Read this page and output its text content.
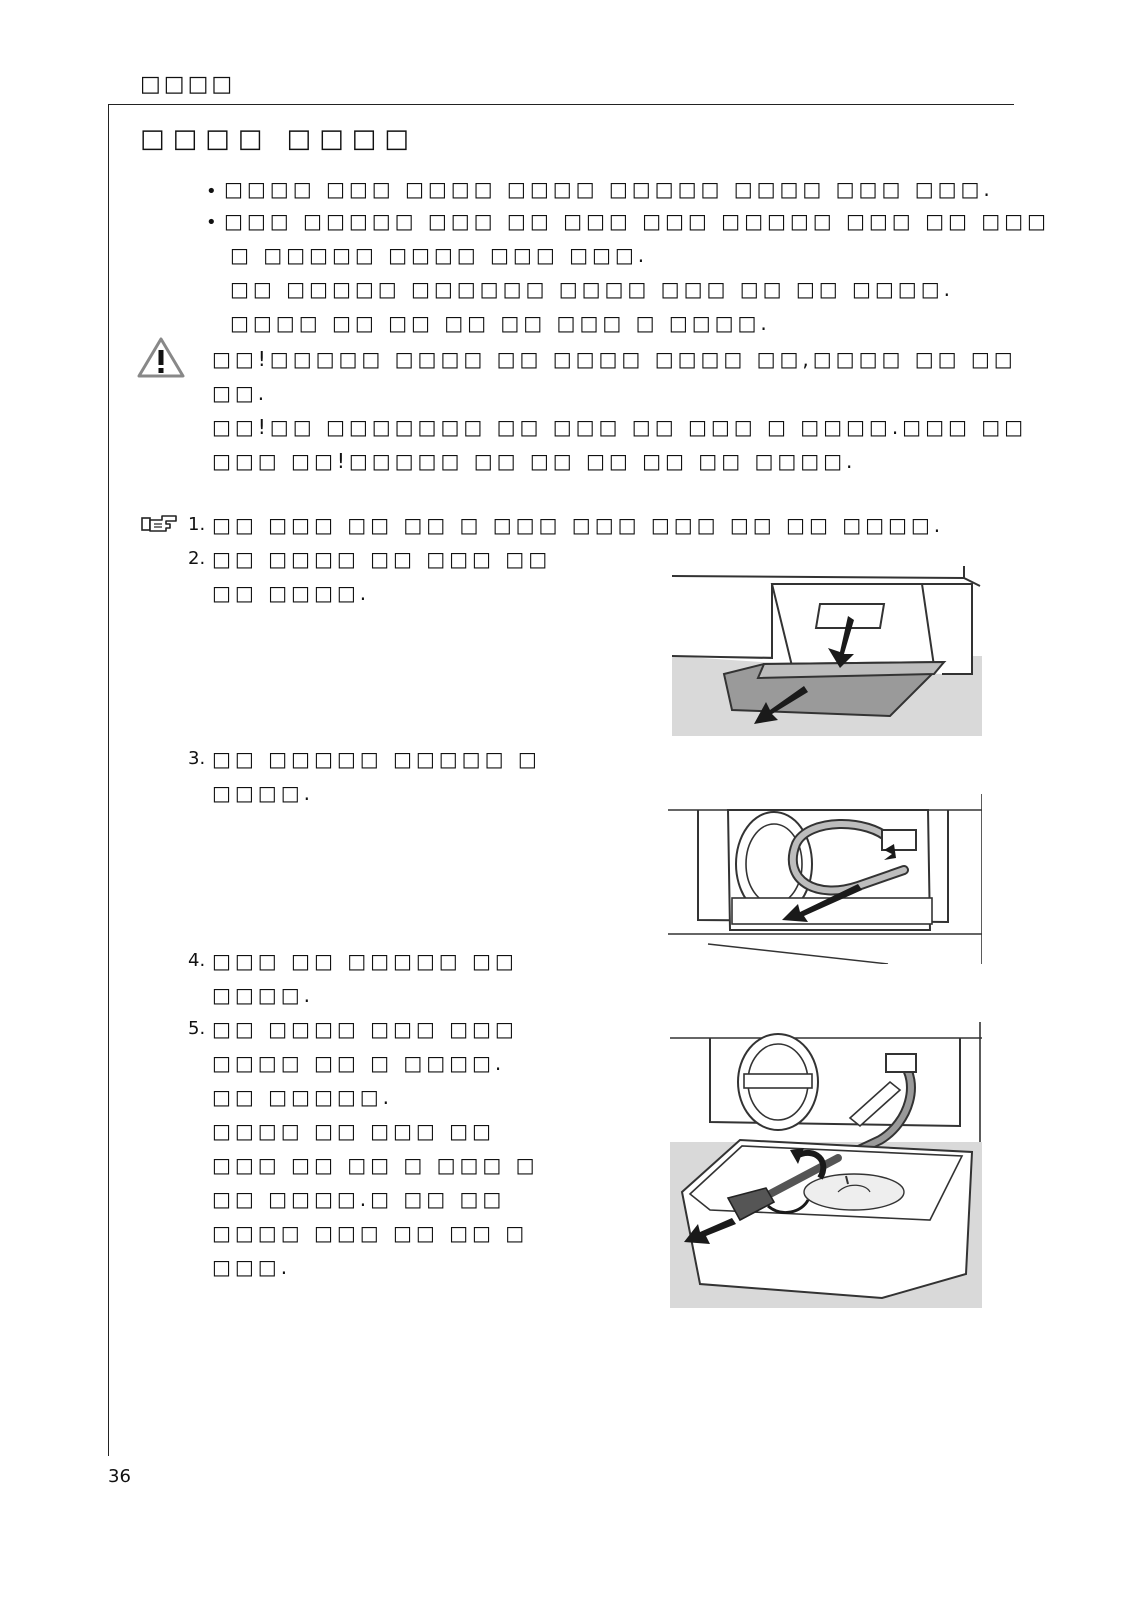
□□□□
□□□□ □□□□
• □□□□ □□□ □□□□ □□□□ □□□□□ □□□□ □□□ □□□.
• □□□ □□□□□ □□□ □□ □□□ □□□ □□□□□ □□□ □□ □□□
□ □□□□□ □□□□ □□□ □□□.
□□ □□□□□ □□□□□□ □□□□ □□□ □□ □□ □□□□.
□□□□ □□ □□ □□ □□ □□□ □ □□□□.
□□!□□□□□ □□□□ □□ □□□□ □□□□ □□,□□□□ □□ □□
□□.
□□!□□ □□□□□□□ □□ □□□ □□ □□□ □ □□□□.□□□ □□
□□□ □□!□□□□□ □□ □□ □□ □□ □□ □□□□.
1. □□ □□□ □□ □□ □ □□□ □□□ □□□ □□ □□ □□□□.
2. □□ □□□□ □□ □□□ □□
□□ □□□□.
3. □□ □□□□□ □□□□□ □
□□□□.
4. □□□ □□ □□□□□ □□
□□□□.
5. □□ □□□□ □□□ □□□
□□□□ □□ □ □□□□.
□□ □□□□□.
□□□□ □□ □□□ □□
□□□ □□ □□ □ □□□ □
□□ □□□□.□ □□ □□
□□□□ □□□ □□ □□ □
□□□.
36
